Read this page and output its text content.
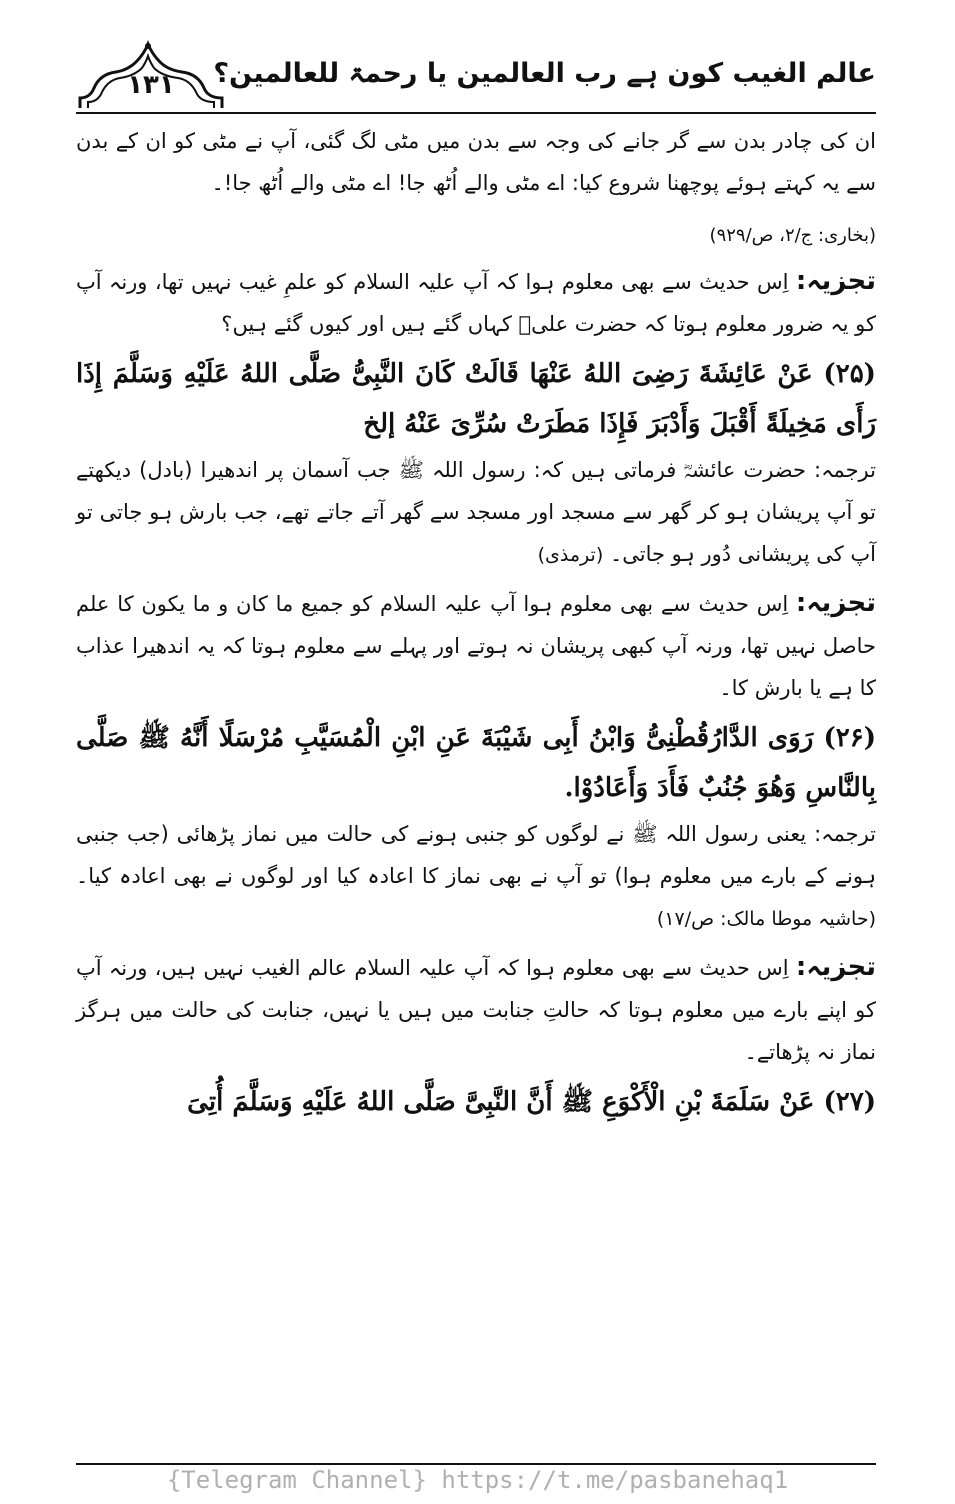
۱۳۱	عالم الغیب کون ہے رب العالمین یا رحمۃ للعالمین؟

ان کی چادر بدن سے گر جانے کی وجہ سے بدن میں مٹی لگ گئی، آپ نے مٹی کو ان کے بدن سے یہ کہتے ہوئے پوچھنا شروع کیا: اے مٹی والے اُٹھ جا! اے مٹی والے اُٹھ جا!۔

(بخاری: ج/۲، ص/۹۲۹)

تجزیہ: اِس حدیث سے بھی معلوم ہوا کہ آپ علیہ السلام کو علمِ غیب نہیں تھا، ورنہ آپ کو یہ ضرور معلوم ہوتا کہ حضرت علیؓ کہاں گئے ہیں اور کیوں گئے ہیں؟

(۲۵) عَنْ عَائِشَةَ رَضِیَ اللهُ عَنْهَا قَالَتْ كَانَ النَّبِیُّ صَلَّى اللهُ عَلَيْهِ وَسَلَّمَ إِذَا رَأَى مَخِيلَةً أَقْبَلَ وَأَدْبَرَ فَإِذَا مَطَرَتْ سُرِّیَ عَنْهُ إلخ

ترجمہ: حضرت عائشہؓ فرماتی ہیں کہ: رسول اللہ ﷺ جب آسمان پر اندھیرا (بادل) دیکھتے تو آپ پریشان ہو کر گھر سے مسجد اور مسجد سے گھر آتے جاتے تھے، جب بارش ہو جاتی تو آپ کی پریشانی دُور ہو جاتی۔ (ترمذی)

تجزیہ: اِس حدیث سے بھی معلوم ہوا آپ علیہ السلام کو جمیع ما کان و ما یکون کا علم حاصل نہیں تھا، ورنہ آپ کبھی پریشان نہ ہوتے اور پہلے سے معلوم ہوتا کہ یہ اندھیرا عذاب کا ہے یا بارش کا۔

(۲۶) رَوَى الدَّارُقُطْنِیُّ وَابْنُ أَبِی شَيْبَةَ عَنِ ابْنِ الْمُسَيَّبِ مُرْسَلًا أَنَّهُ ﷺ صَلَّى بِالنَّاسِ وَهُوَ جُنُبٌ فَأَدَ وَأَعَادُوْا.

ترجمہ: یعنی رسول اللہ ﷺ نے لوگوں کو جنبی ہونے کی حالت میں نماز پڑھائی (جب جنبی ہونے کے بارے میں معلوم ہوا) تو آپ نے بھی نماز کا اعادہ کیا اور لوگوں نے بھی اعادہ کیا۔ (حاشیہ موطا مالک: ص/۱۷)

تجزیہ: اِس حدیث سے بھی معلوم ہوا کہ آپ علیہ السلام عالم الغیب نہیں ہیں، ورنہ آپ کو اپنے بارے میں معلوم ہوتا کہ حالتِ جنابت میں ہیں یا نہیں، جنابت کی حالت میں ہرگز نماز نہ پڑھاتے۔

(۲۷) عَنْ سَلَمَةَ بْنِ الْأَكْوَعِ ﷺ أَنَّ النَّبِیَّ صَلَّى اللهُ عَلَيْهِ وَسَلَّمَ أُتِیَ

{Telegram Channel} https://t.me/pasbanehaq1
